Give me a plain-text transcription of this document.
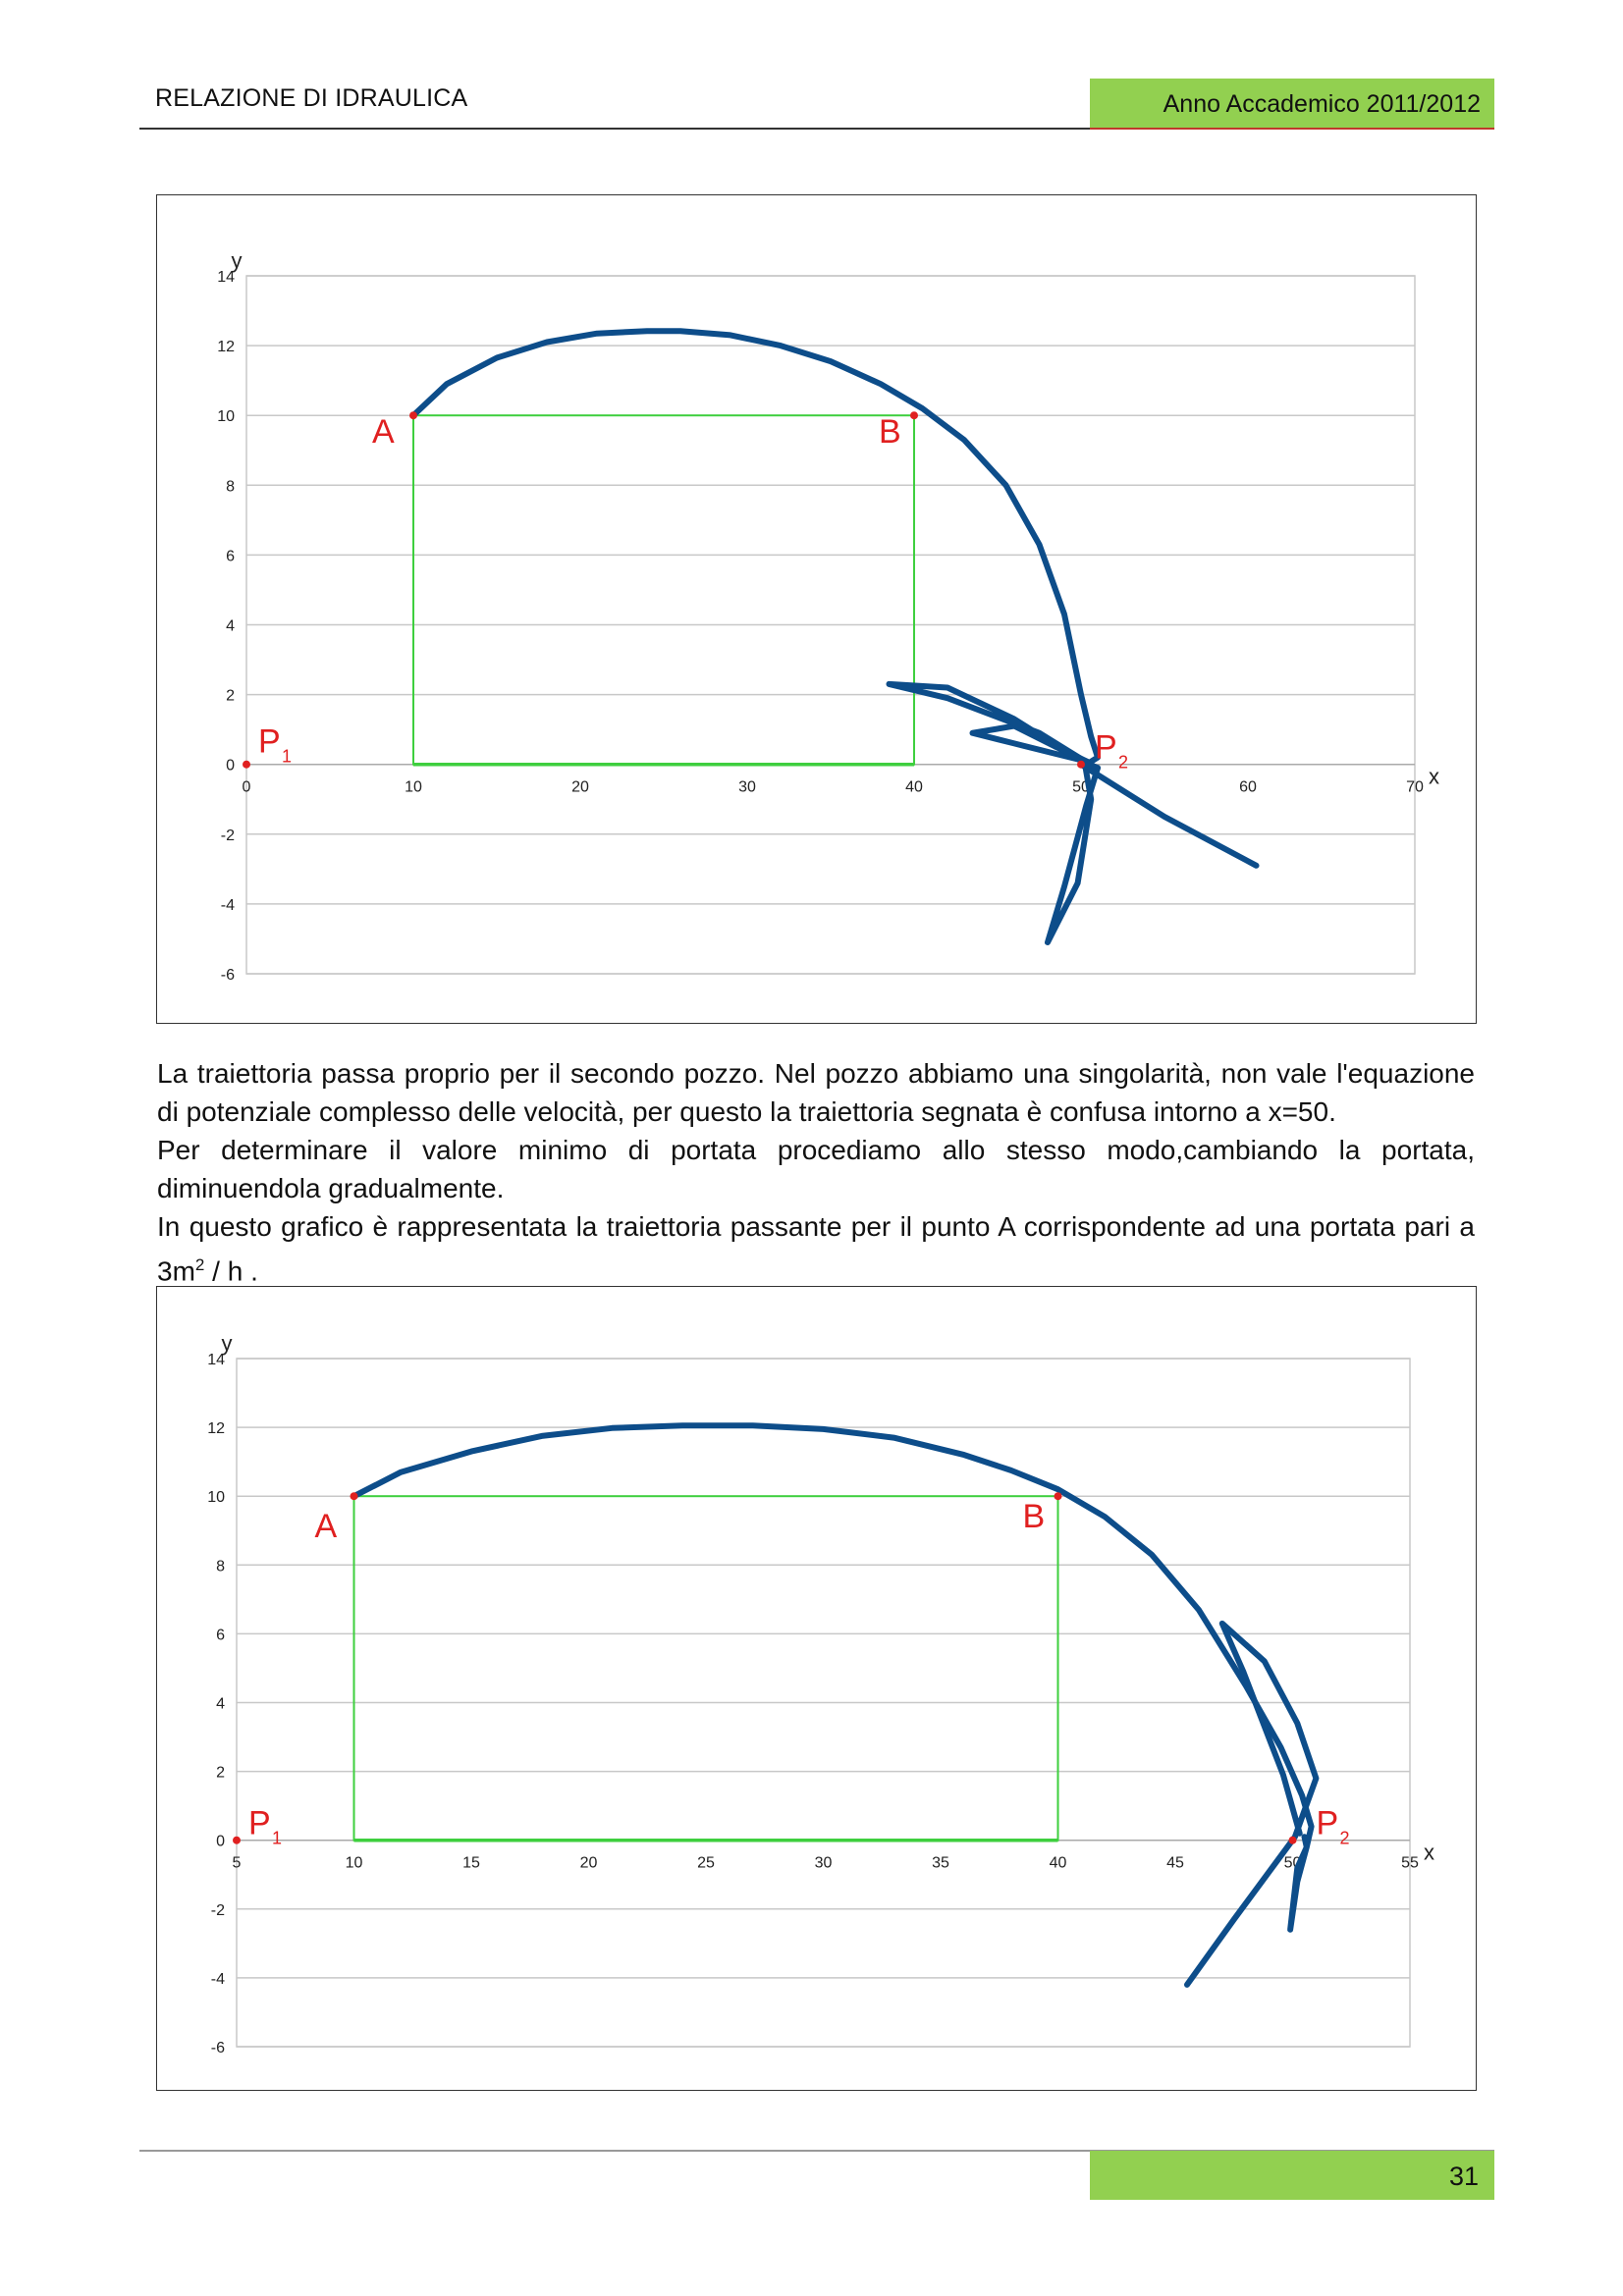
RELAZIONE DI IDRAULICA	Anno Accademico 2011/2012
-6
-4
-2
0
2
4
6
8
10
12
14
0	10	20	30	40	50	60	70
y
x
A	B
P 1	P 2

La traiettoria passa proprio per il secondo pozzo. Nel pozzo abbiamo una singolarità, non vale l'equazione di potenziale complesso delle velocità, per questo la traiettoria segnata è confusa intorno a x=50.

Per determinare il valore minimo di portata procediamo allo stesso modo,cambiando la portata, diminuendola gradualmente.

In questo grafico è rappresentata la traiettoria passante per il punto A corrispondente ad una portata pari a $3m^2$ / h .

-6
-4
-2
0
2
4
6
8
10
12
14
5	10	15	20	25	30	35	40	45	50	55
y
x
A	B
P 1	P 2
31
